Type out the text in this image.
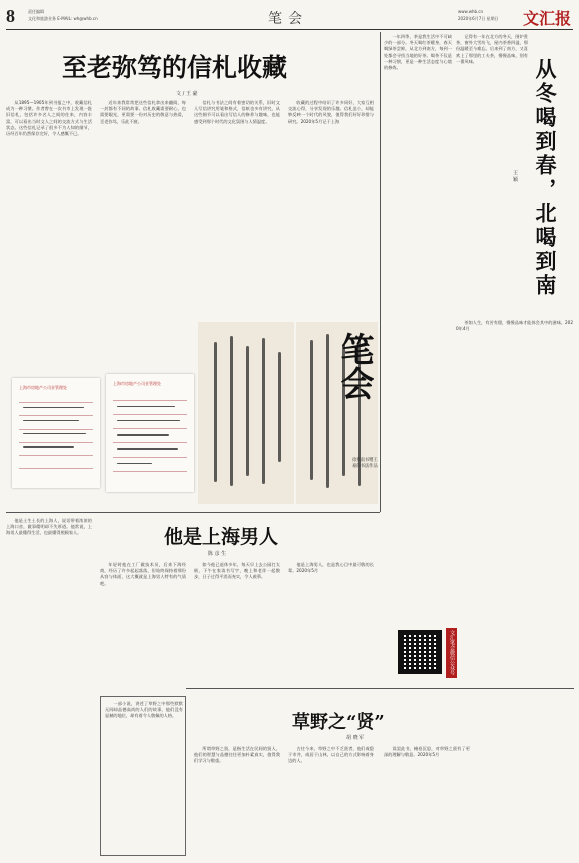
8	责任编辑
文化和旅游业务 E-MAIL: wh@whb.cn	笔会	www.whb.cn
2020年6月7日 星期日 文汇报
至老弥笃的信札收藏
文 / 王 豪

从1895—1905年到书报之中，收藏信札成为一种习惯。作者曾在一次书市上发现一批旧信札，包括许多名人之间的往来，内容丰富，可以看出当时文人之间的交流方式与生活状态。这些信札记录了很多不为人知的细节，历经百年仍然保存完好，令人感慨不已。

近年来我常常把这些信札拿出来翻阅，每一封都有不同的故事。信札收藏需要耐心，也需要眼光，更需要一份对历史的敬意与热爱，至老弥笃，乐此不疲。

信札与书法之间有着密切的关系，旧时文人写信讲究用笔和格式，信纸也多有讲究，从这些细节可以看出写信人的修养与趣味，也能感受到那个时代的文化氛围与人情温度。

收藏的过程中结识了许多同好，大家互相交流心得，分享发现的乐趣。信札虽小，却能够反映一个时代的风貌，值得我们好好珍惜与研究。2020年5月记于上海

上海市房地产公司业管理处
上海市房地产公司业管理处	笔会
徐燕南书赠王豪的书法作品

一年四季，茶是我生活中不可缺少的一部分。冬天喝红茶暖身，春天喝绿茶尝鲜，从北方到南方，每到一处都会寻找当地的好茶。喝茶不仅是一种习惯，更是一种生活态度与心境的修炼。

记得有一年在北方的冬天，围炉煮茶，窗外大雪纷飞，屋内茶香四溢，那份温暖至今难忘。后来到了南方，又喜欢上了那里的工夫茶，慢慢品味，别有一番风味。	从冬喝到春，北喝到南
王 颖

茶如人生，有苦有甜，慢慢品味才能体会其中的滋味。2020年4月

他是上海男人
陈 彦 生

他是土生土长的上海人，说话带着浓浓的上海口音，做事精明却不失厚道。他常说，上海男人最懂得生活，也最懂得照顾家人。

年轻时他在工厂做技术员，后来下海经商，经历了许多起起落落，但始终保持着那份从容与体面，这大概就是上海男人特有的气质吧。

如今他已退休多年，每天早上去公园打太极，下午在家读书写字，晚上和老伴一起散步，日子过得平淡而充实，令人羡慕。

他是上海男人，也是我心目中最可敬的长辈。2020年5月

文汇笔会微信公众号

一部小说，讲述了草野之中那些默默无闻却品德高尚的人们的故事，他们没有显赫的地位，却有着令人敬佩的人格。	草野之“贤”
胡 晓 军

所谓草野之贤，是指生活在民间的贤人，他们的智慧与品德往往更加朴素真实，值得我们学习与敬重。

古往今来，草野之中不乏贤者，他们或隐于市井，或居于山林，以自己的方式影响着身边的人。

读罢此书，掩卷沉思，对草野之贤有了更深的理解与敬意。2020年5月
